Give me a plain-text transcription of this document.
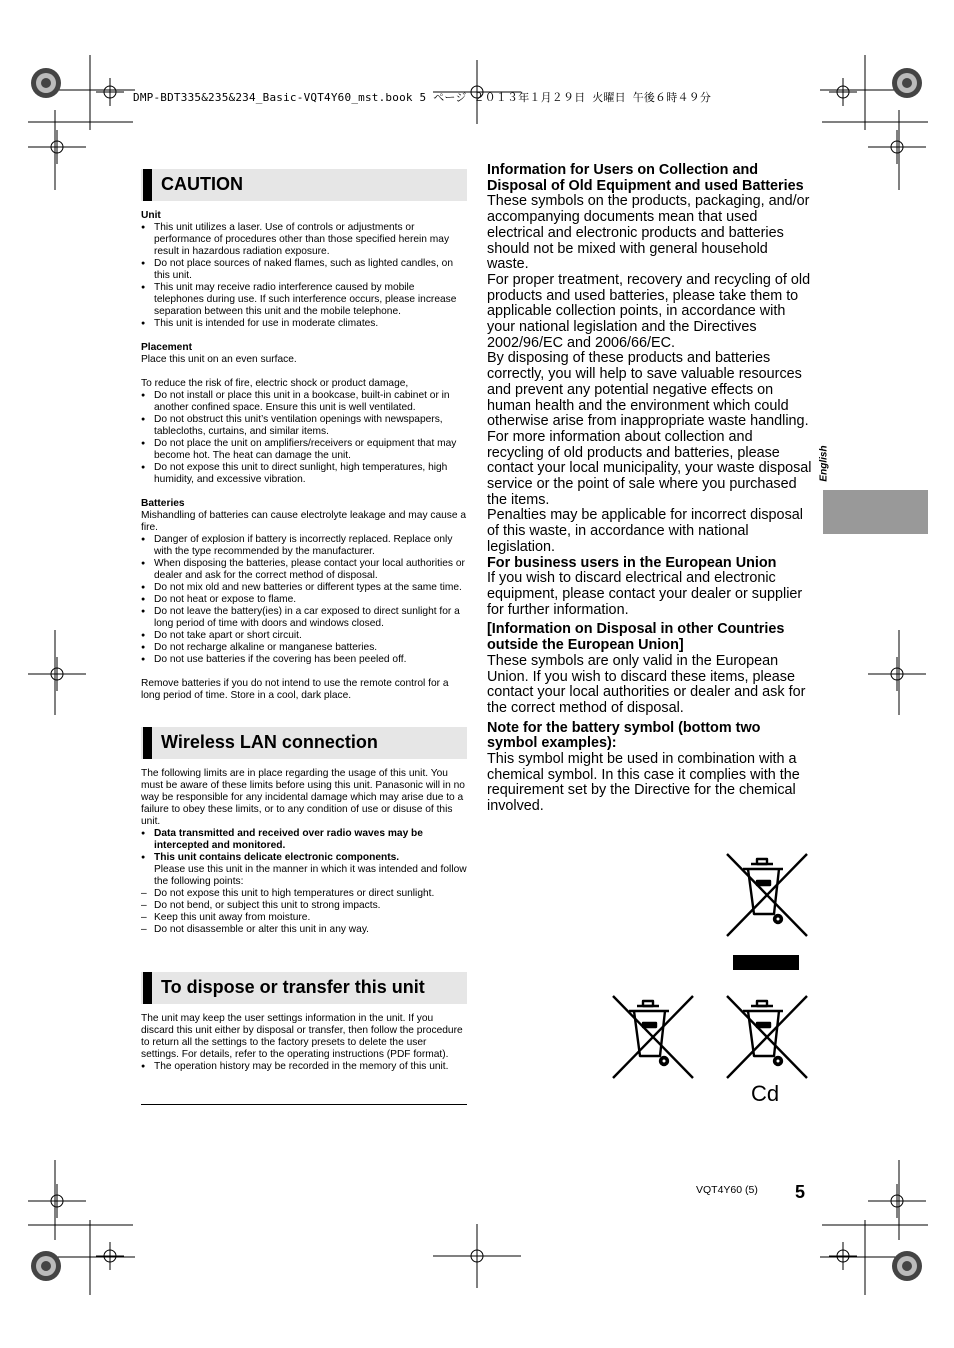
DMP-BDT335&235&234_Basic-VQT4Y60_mst.book 5 ページ ２０１３年１月２９日 火曜日 午後６時４９分
CAUTION

Unit

● This unit utilizes a laser. Use of controls or adjustments or performance of procedures other than those specified herein may result in hazardous radiation exposure.
● Do not place sources of naked flames, such as lighted candles, on this unit.
● This unit may receive radio interference caused by mobile telephones during use. If such interference occurs, please increase separation between this unit and the mobile telephone.
● This unit is intended for use in moderate climates.

Placement

Place this unit on an even surface.

To reduce the risk of fire, electric shock or product damage,

● Do not install or place this unit in a bookcase, built-in cabinet or in another confined space. Ensure this unit is well ventilated.
● Do not obstruct this unit’s ventilation openings with newspapers, tablecloths, curtains, and similar items.
● Do not place the unit on amplifiers/receivers or equipment that may become hot. The heat can damage the unit.
● Do not expose this unit to direct sunlight, high temperatures, high humidity, and excessive vibration.

Batteries

Mishandling of batteries can cause electrolyte leakage and may cause a fire.

● Danger of explosion if battery is incorrectly replaced. Replace only with the type recommended by the manufacturer.
● When disposing the batteries, please contact your local authorities or dealer and ask for the correct method of disposal.
● Do not mix old and new batteries or different types at the same time.
● Do not heat or expose to flame.
● Do not leave the battery(ies) in a car exposed to direct sunlight for a long period of time with doors and windows closed.
● Do not take apart or short circuit.
● Do not recharge alkaline or manganese batteries.
● Do not use batteries if the covering has been peeled off.

Remove batteries if you do not intend to use the remote control for a long period of time. Store in a cool, dark place.

Wireless LAN connection

The following limits are in place regarding the usage of this unit. You must be aware of these limits before using this unit. Panasonic will in no way be responsible for any incidental damage which may arise due to a failure to obey these limits, or to any condition of use or disuse of this unit.

● Data transmitted and received over radio waves may be intercepted and monitored.
● This unit contains delicate electronic components.
Please use this unit in the manner in which it was intended and follow the following points:
– Do not expose this unit to high temperatures or direct sunlight.
– Do not bend, or subject this unit to strong impacts.
– Keep this unit away from moisture.
– Do not disassemble or alter this unit in any way.
To dispose or transfer this unit

The unit may keep the user settings information in the unit. If you discard this unit either by disposal or transfer, then follow the procedure to return all the settings to the factory presets to delete the user settings. For details, refer to the operating instructions (PDF format).

● The operation history may be recorded in the memory of this unit.

Information for Users on Collection and Disposal of Old Equipment and used Batteries

These symbols on the products, packaging, and/or accompanying documents mean that used electrical and electronic products and batteries should not be mixed with general household waste.

For proper treatment, recovery and recycling of old products and used batteries, please take them to applicable collection points, in accordance with your national legislation and the Directives 2002/96/EC and 2006/66/EC.

By disposing of these products and batteries correctly, you will help to save valuable resources and prevent any potential negative effects on human health and the environment which could otherwise arise from inappropriate waste handling.

For more information about collection and recycling of old products and batteries, please contact your local municipality, your waste disposal service or the point of sale where you purchased the items.

Penalties may be applicable for incorrect disposal of this waste, in accordance with national legislation.

For business users in the European Union

If you wish to discard electrical and electronic equipment, please contact your dealer or supplier for further information.

[Information on Disposal in other Countries outside the European Union]

These symbols are only valid in the European Union. If you wish to discard these items, please contact your local authorities or dealer and ask for the correct method of disposal.

Note for the battery symbol (bottom two symbol examples):

This symbol might be used in combination with a chemical symbol. In this case it complies with the requirement set by the Directive for the chemical involved.

Cd
English
VQT4Y60 (5) 5
